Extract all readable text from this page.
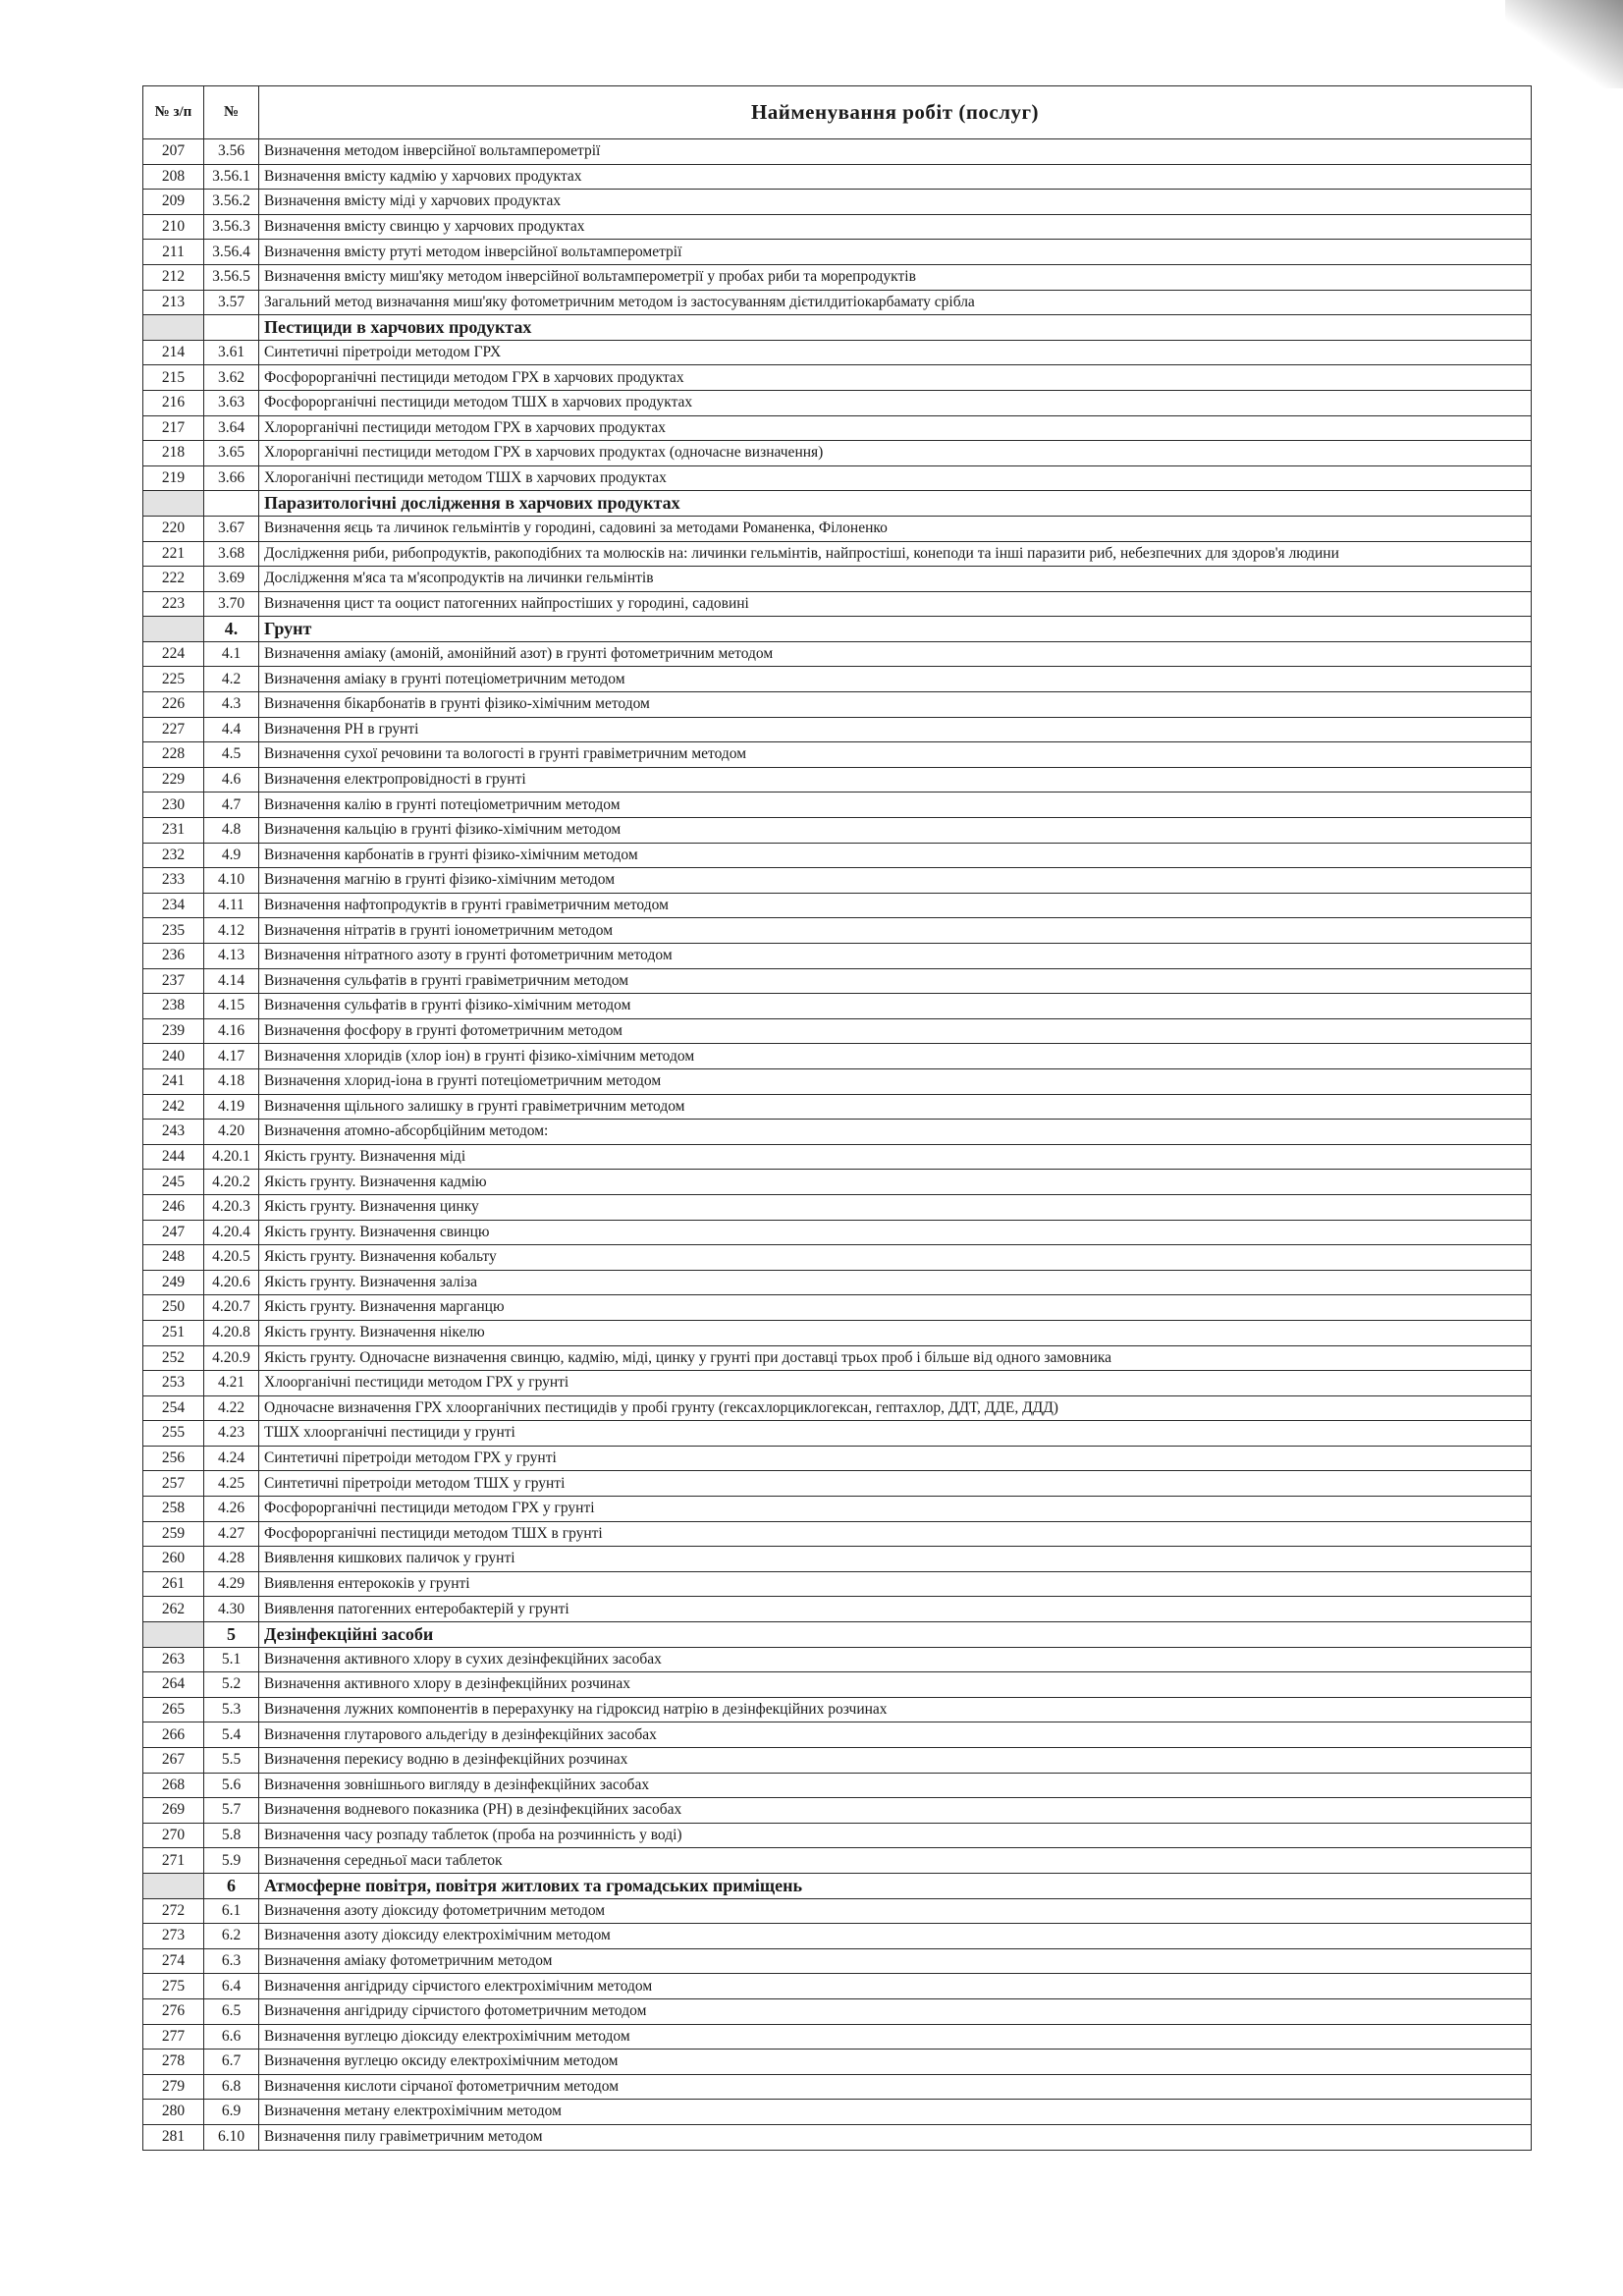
№ з/п	№	Найменування робіт (послуг)
207	3.56	Визначення методом інверсійної вольтамперометрії
208	3.56.1	Визначення вмісту кадмію у харчових продуктах
209	3.56.2	Визначення вмісту міді у харчових продуктах
210	3.56.3	Визначення вмісту свинцю у харчових продуктах
211	3.56.4	Визначення вмісту ртуті методом інверсійної вольтамперометрії
212	3.56.5	Визначення вмісту миш'яку методом інверсійної вольтамперометрії у пробах риби та морепродуктів
213	3.57	Загальний метод визначання миш'яку фотометричним методом із застосуванням дієтилдитіокарбамату срібла
		Пестициди в харчових продуктах
214	3.61	Синтетичні піретроіди методом ГРХ
215	3.62	Фосфорорганічні пестициди методом ГРХ в харчових продуктах
216	3.63	Фосфорорганічні пестициди методом ТШХ в харчових продуктах
217	3.64	Хлорорганічні пестициди методом ГРХ в харчових продуктах
218	3.65	Хлорорганічні пестициди методом ГРХ в харчових продуктах (одночасне визначення)
219	3.66	Хлороганічні пестициди методом ТШХ в харчових продуктах
		Паразитологічні дослідження в харчових продуктах
220	3.67	Визначення яєць та личинок гельмінтів у городині, садовині за методами Романенка, Філоненко
221	3.68	Дослідження риби, рибопродуктів, ракоподібних та молюсків на: личинки гельмінтів, найпростіші, конеподи та інші паразити риб, небезпечних для здоров'я людини
222	3.69	Дослідження м'яса та м'ясопродуктів на личинки гельмінтів
223	3.70	Визначення цист та ооцист патогенних найпростіших у городині, садовині
	4.	Грунт
224	4.1	Визначення аміаку (амоній, амонійний азот) в грунті фотометричним методом
225	4.2	Визначення аміаку в грунті потеціометричним методом
226	4.3	Визначення бікарбонатів в грунті фізико-хімічним методом
227	4.4	Визначення РН в грунті
228	4.5	Визначення сухої речовини та вологості в грунті гравіметричним методом
229	4.6	Визначення електропровідності в грунті
230	4.7	Визначення калію в грунті потеціометричним методом
231	4.8	Визначення кальцію в грунті фізико-хімічним методом
232	4.9	Визначення карбонатів в грунті фізико-хімічним методом
233	4.10	Визначення магнію в грунті фізико-хімічним методом
234	4.11	Визначення нафтопродуктів в грунті гравіметричним методом
235	4.12	Визначення нітратів в грунті іонометричним методом
236	4.13	Визначення нітратного азоту в грунті фотометричним методом
237	4.14	Визначення сульфатів в грунті гравіметричним методом
238	4.15	Визначення сульфатів в грунті фізико-хімічним методом
239	4.16	Визначення фосфору в грунті фотометричним методом
240	4.17	Визначення хлоридів (хлор іон) в грунті фізико-хімічним методом
241	4.18	Визначення хлорид-іона в грунті потеціометричним методом
242	4.19	Визначення щільного залишку в грунті гравіметричним методом
243	4.20	Визначення атомно-абсорбційним методом:
244	4.20.1	Якість грунту. Визначення міді
245	4.20.2	Якість грунту. Визначення кадмію
246	4.20.3	Якість грунту. Визначення цинку
247	4.20.4	Якість грунту. Визначення свинцю
248	4.20.5	Якість грунту. Визначення кобальту
249	4.20.6	Якість грунту. Визначення заліза
250	4.20.7	Якість грунту. Визначення марганцю
251	4.20.8	Якість грунту. Визначення нікелю
252	4.20.9	Якість грунту. Одночасне визначення свинцю, кадмію, міді, цинку у грунті при доставці трьох проб і більше від одного замовника
253	4.21	Хлоорганічні пестициди методом ГРХ у грунті
254	4.22	Одночасне визначення ГРХ хлоорганічних пестицидів у пробі грунту (гексахлорциклогексан, гептахлор, ДДТ, ДДЕ, ДДД)
255	4.23	ТШХ хлоорганічні пестициди у грунті
256	4.24	Синтетичні піретроіди методом ГРХ у грунті
257	4.25	Синтетичні піретроіди методом ТШХ у грунті
258	4.26	Фосфорорганічні пестициди методом ГРХ у грунті
259	4.27	Фосфорорганічні пестициди методом ТШХ в грунті
260	4.28	Виявлення кишкових паличок у грунті
261	4.29	Виявлення ентерококів у грунті
262	4.30	Виявлення патогенних ентеробактерій у грунті
	5	Дезінфекційні засоби
263	5.1	Визначення активного хлору в сухих дезінфекційних засобах
264	5.2	Визначення активного хлору в дезінфекційних розчинах
265	5.3	Визначення лужних компонентів в перерахунку на гідроксид натрію в дезінфекційних розчинах
266	5.4	Визначення глутарового альдегіду в дезінфекційних засобах
267	5.5	Визначення перекису водню в дезінфекційних розчинах
268	5.6	Визначення зовнішнього вигляду в дезінфекційних засобах
269	5.7	Визначення водневого показника (РН) в дезінфекційних засобах
270	5.8	Визначення часу розпаду таблеток (проба на розчинність у воді)
271	5.9	Визначення середньої маси таблеток
	6	Атмосферне повітря, повітря житлових та громадських приміщень
272	6.1	Визначення азоту діоксиду фотометричним методом
273	6.2	Визначення азоту діоксиду електрохімічним методом
274	6.3	Визначення аміаку фотометричним методом
275	6.4	Визначення ангідриду сірчистого електрохімічним методом
276	6.5	Визначення ангідриду сірчистого фотометричним методом
277	6.6	Визначення вуглецю діоксиду електрохімічним методом
278	6.7	Визначення вуглецю оксиду електрохімічним методом
279	6.8	Визначення кислоти сірчаної фотометричним методом
280	6.9	Визначення метану електрохімічним методом
281	6.10	Визначення пилу гравіметричним методом
